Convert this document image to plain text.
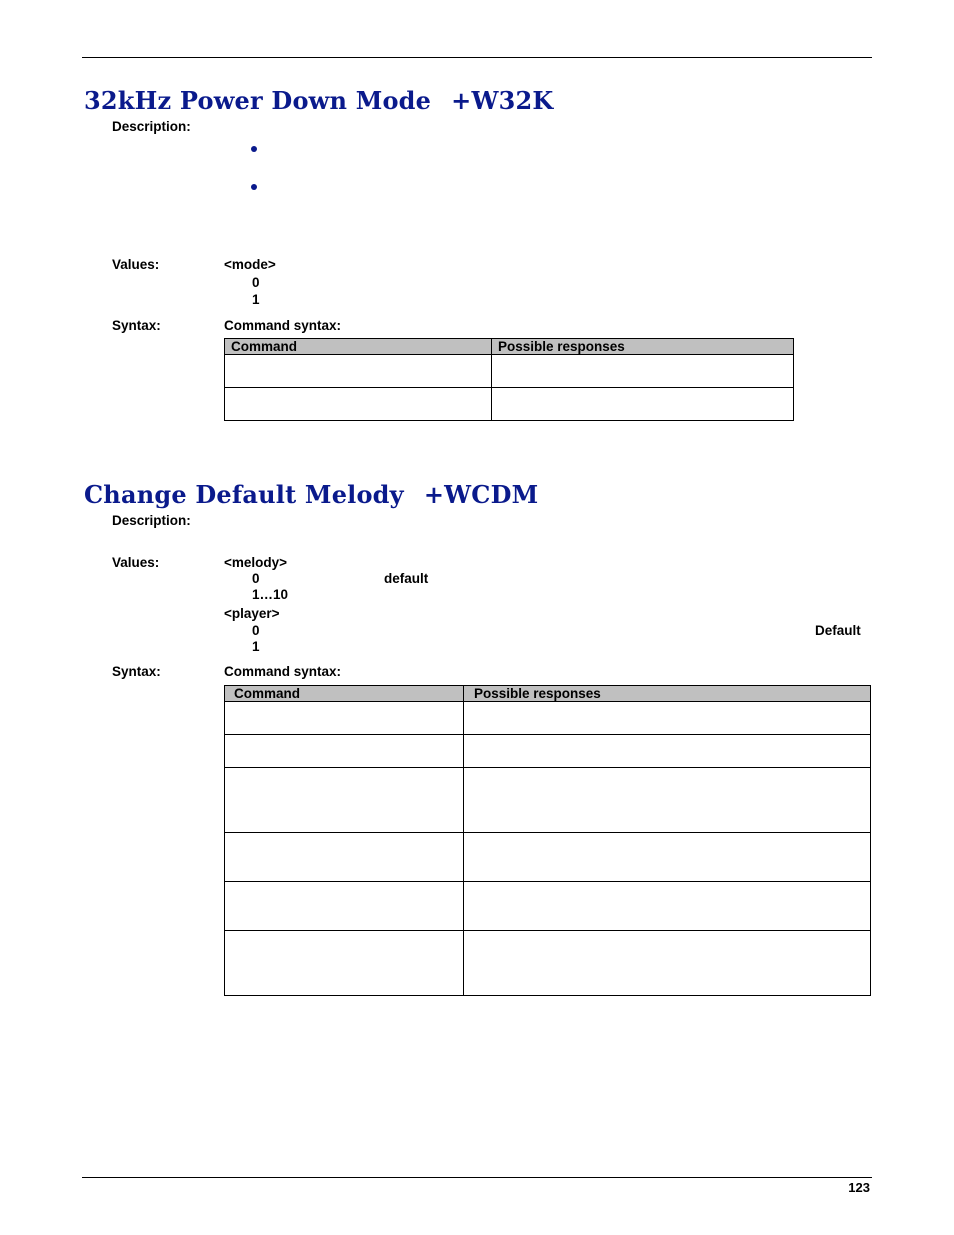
32kHz Power Down Mode +W32K
Description:
Values:	<mode>
0
1
Syntax:	Command syntax:
Command	Possible responses

Change Default Melody +WCDM
Description:
Values:	<melody>
0	default
1…10
<player>
0	Default
1
Syntax:	Command syntax:
Command	Possible responses

123
